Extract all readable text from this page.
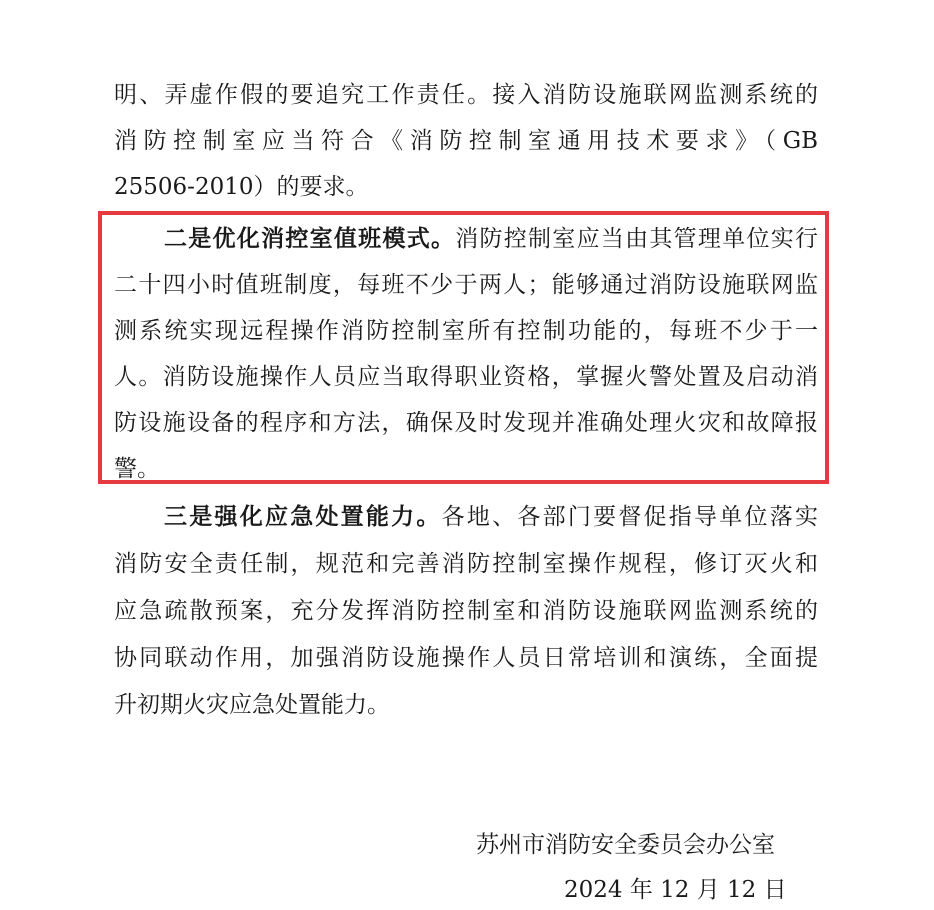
明、弄虚作假的要追究工作责任。接入消防设施联网监测系统的
消防控制室应当符合《消防控制室通用技术要求》（GB
25506-2010）的要求。
二是优化消控室值班模式。消防控制室应当由其管理单位实行
二十四小时值班制度，每班不少于两人；能够通过消防设施联网监
测系统实现远程操作消防控制室所有控制功能的，每班不少于一
人。消防设施操作人员应当取得职业资格，掌握火警处置及启动消
防设施设备的程序和方法，确保及时发现并准确处理火灾和故障报
警。
三是强化应急处置能力。各地、各部门要督促指导单位落实
消防安全责任制，规范和完善消防控制室操作规程，修订灭火和
应急疏散预案，充分发挥消防控制室和消防设施联网监测系统的
协同联动作用，加强消防设施操作人员日常培训和演练，全面提
升初期火灾应急处置能力。
苏州市消防安全委员会办公室
2024 年 12 月 12 日
